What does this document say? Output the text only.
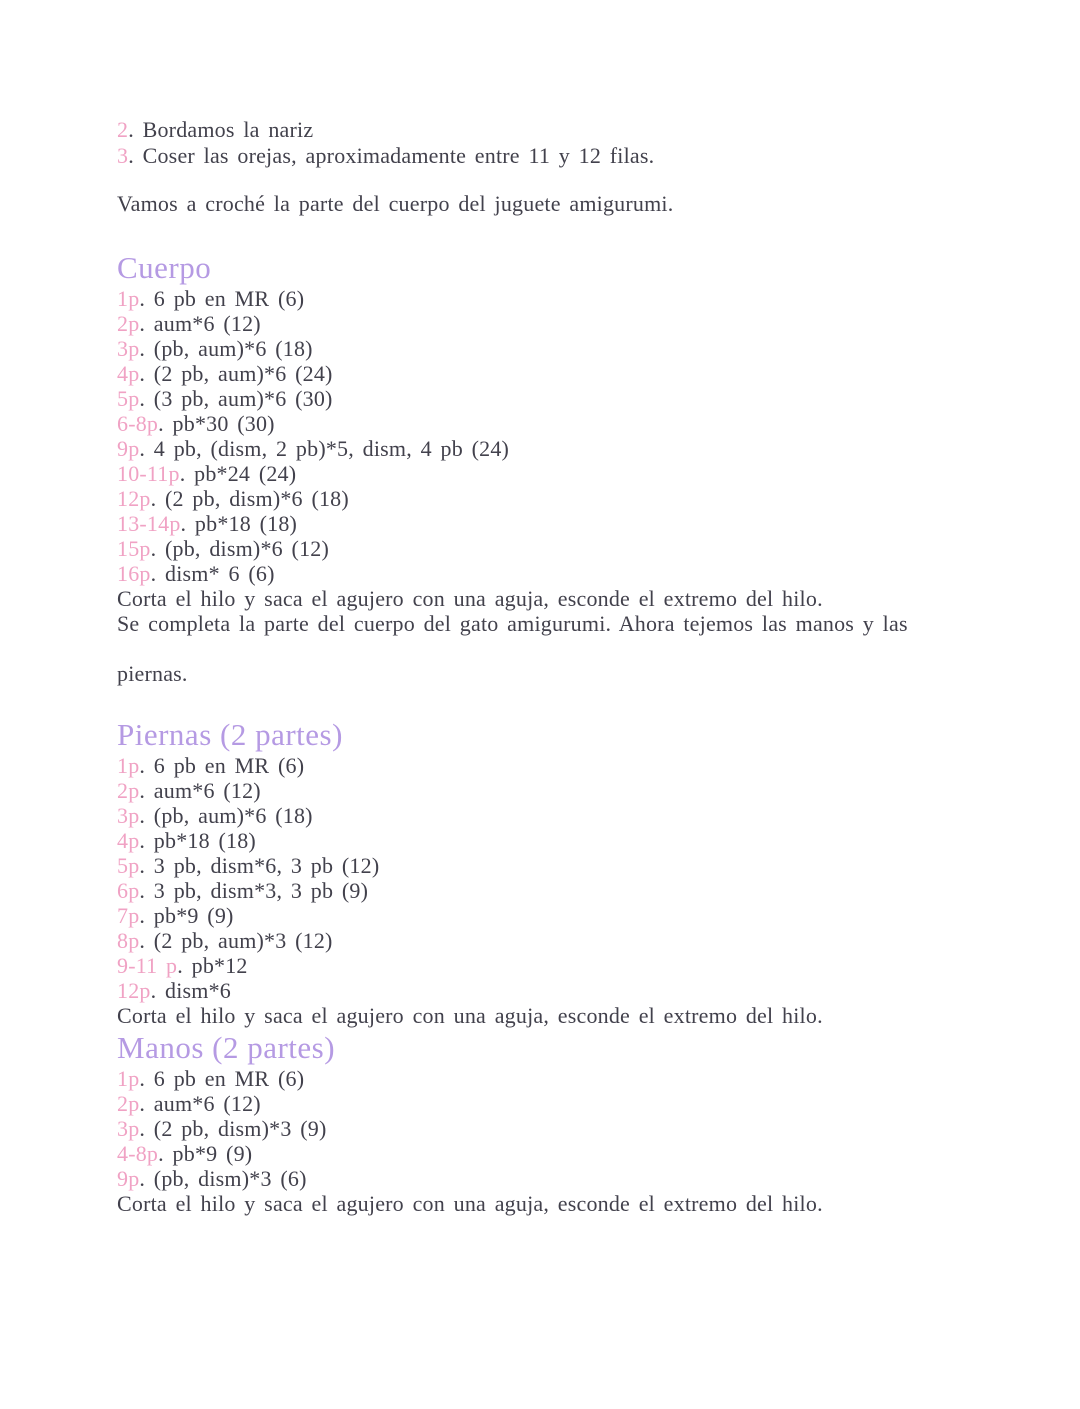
2. Bordamos la nariz

3. Coser las orejas, aproximadamente entre 11 y 12 filas.

Vamos a croché la parte del cuerpo del juguete amigurumi.

Cuerpo

1p. 6 pb en MR (6)

2p. aum*6 (12)

3p. (pb, aum)*6 (18)

4p. (2 pb, aum)*6 (24)

5p. (3 pb, aum)*6 (30)

6-8p. pb*30 (30)

9p. 4 pb, (dism, 2 pb)*5, dism, 4 pb (24)

10-11p. pb*24 (24)

12p. (2 pb, dism)*6 (18)

13-14p. pb*18 (18)

15p. (pb, dism)*6 (12)

16p. dism* 6 (6)

Corta el hilo y saca el agujero con una aguja, esconde el extremo del hilo.

Se completa la parte del cuerpo del gato amigurumi. Ahora tejemos las manos y las

piernas.

Piernas (2 partes)

1p. 6 pb en MR (6)

2p. aum*6 (12)

3p. (pb, aum)*6 (18)

4p. pb*18 (18)

5p. 3 pb, dism*6, 3 pb (12)

6p. 3 pb, dism*3, 3 pb (9)

7p. pb*9 (9)

8p. (2 pb, aum)*3 (12)

9-11 p. pb*12

12p. dism*6

Corta el hilo y saca el agujero con una aguja, esconde el extremo del hilo.

Manos (2 partes)

1p. 6 pb en MR (6)

2p. aum*6 (12)

3p. (2 pb, dism)*3 (9)

4-8p. pb*9 (9)

9p. (pb, dism)*3 (6)

Corta el hilo y saca el agujero con una aguja, esconde el extremo del hilo.
